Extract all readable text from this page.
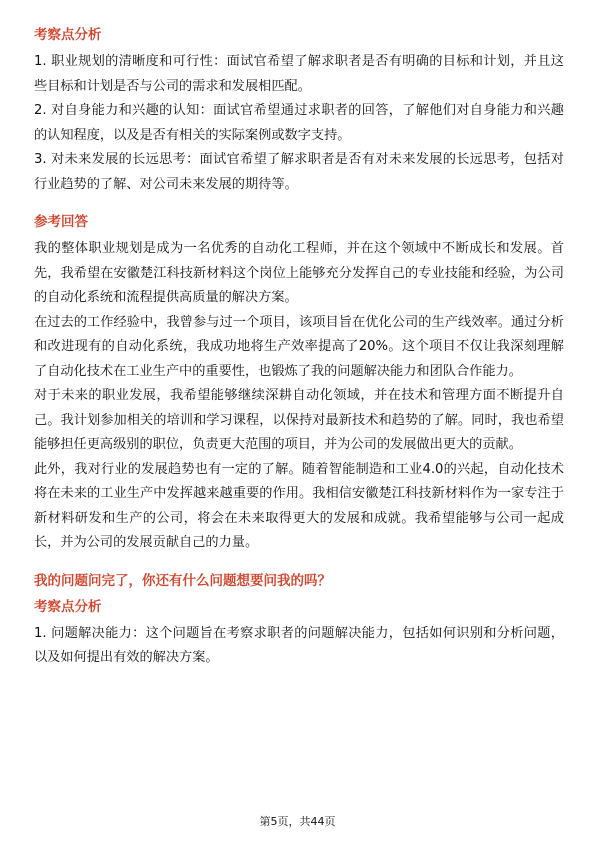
考察点分析

1. 职业规划的清晰度和可行性：面试官希望了解求职者是否有明确的目标和计划，并且这些目标和计划是否与公司的需求和发展相匹配。

2. 对自身能力和兴趣的认知：面试官希望通过求职者的回答，了解他们对自身能力和兴趣的认知程度，以及是否有相关的实际案例或数字支持。

3. 对未来发展的长远思考：面试官希望了解求职者是否有对未来发展的长远思考，包括对行业趋势的了解、对公司未来发展的期待等。

参考回答

我的整体职业规划是成为一名优秀的自动化工程师，并在这个领域中不断成长和发展。首先，我希望在安徽楚江科技新材料这个岗位上能够充分发挥自己的专业技能和经验，为公司的自动化系统和流程提供高质量的解决方案。

在过去的工作经验中，我曾参与过一个项目，该项目旨在优化公司的生产线效率。通过分析和改进现有的自动化系统，我成功地将生产效率提高了20%。这个项目不仅让我深刻理解了自动化技术在工业生产中的重要性，也锻炼了我的问题解决能力和团队合作能力。

对于未来的职业发展，我希望能够继续深耕自动化领域，并在技术和管理方面不断提升自己。我计划参加相关的培训和学习课程，以保持对最新技术和趋势的了解。同时，我也希望能够担任更高级别的职位，负责更大范围的项目，并为公司的发展做出更大的贡献。

此外，我对行业的发展趋势也有一定的了解。随着智能制造和工业4.0的兴起，自动化技术将在未来的工业生产中发挥越来越重要的作用。我相信安徽楚江科技新材料作为一家专注于新材料研发和生产的公司，将会在未来取得更大的发展和成就。我希望能够与公司一起成长，并为公司的发展贡献自己的力量。

我的问题问完了，你还有什么问题想要问我的吗？
考察点分析

1. 问题解决能力：这个问题旨在考察求职者的问题解决能力，包括如何识别和分析问题，以及如何提出有效的解决方案。

第5页，共44页
